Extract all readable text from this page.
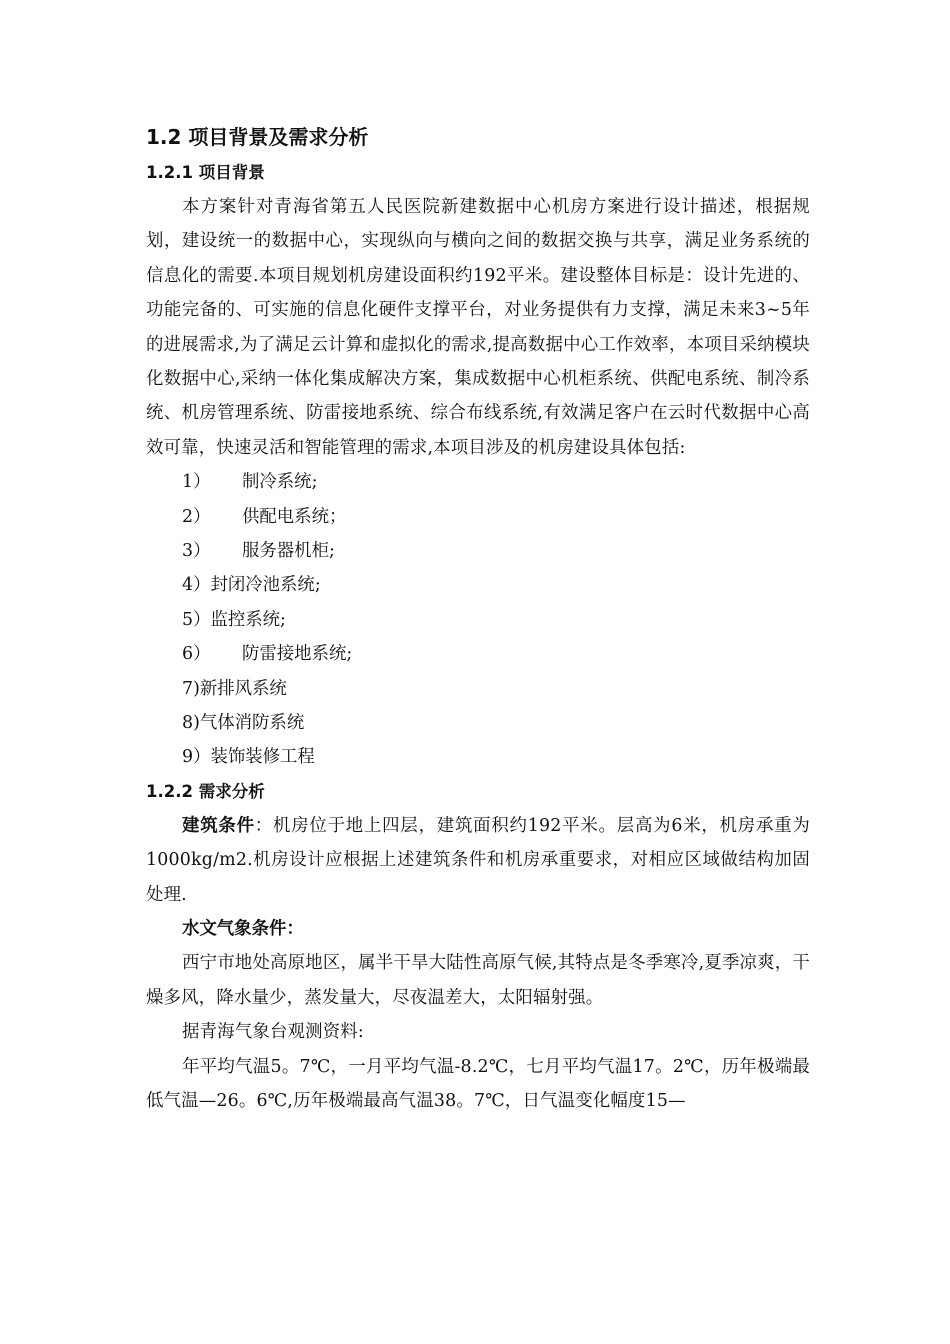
1.2 项目背景及需求分析
1.2.1 项目背景

本方案针对青海省第五人民医院新建数据中心机房方案进行设计描述，根据规划，建设统一的数据中心，实现纵向与横向之间的数据交换与共享，满足业务系统的信息化的需要.本项目规划机房建设面积约192平米。建设整体目标是：设计先进的、功能完备的、可实施的信息化硬件支撑平台，对业务提供有力支撑，满足未来3~5年的进展需求,为了满足云计算和虚拟化的需求,提高数据中心工作效率，本项目采纳模块化数据中心,采纳一体化集成解决方案，集成数据中心机柜系统、供配电系统、制冷系统、机房管理系统、防雷接地系统、综合布线系统,有效满足客户在云时代数据中心高效可靠，快速灵活和智能管理的需求,本项目涉及的机房建设具体包括:

1） 制冷系统;
2） 供配电系统；
3） 服务器机柜;
4）封闭冷池系统;
5）监控系统;
6） 防雷接地系统;
7)新排风系统
8)气体消防系统
9）装饰装修工程
1.2.2 需求分析

建筑条件：机房位于地上四层，建筑面积约192平米。层高为6米，机房承重为1000kg/m2.机房设计应根据上述建筑条件和机房承重要求，对相应区域做结构加固处理.

水文气象条件：

西宁市地处高原地区，属半干旱大陆性高原气候,其特点是冬季寒冷,夏季凉爽，干燥多风，降水量少，蒸发量大，尽夜温差大，太阳辐射强。

据青海气象台观测资料:

年平均气温5。7℃，一月平均气温-8.2℃，七月平均气温17。2℃，历年极端最低气温—26。6℃,历年极端最高气温38。7℃，日气温变化幅度15—
